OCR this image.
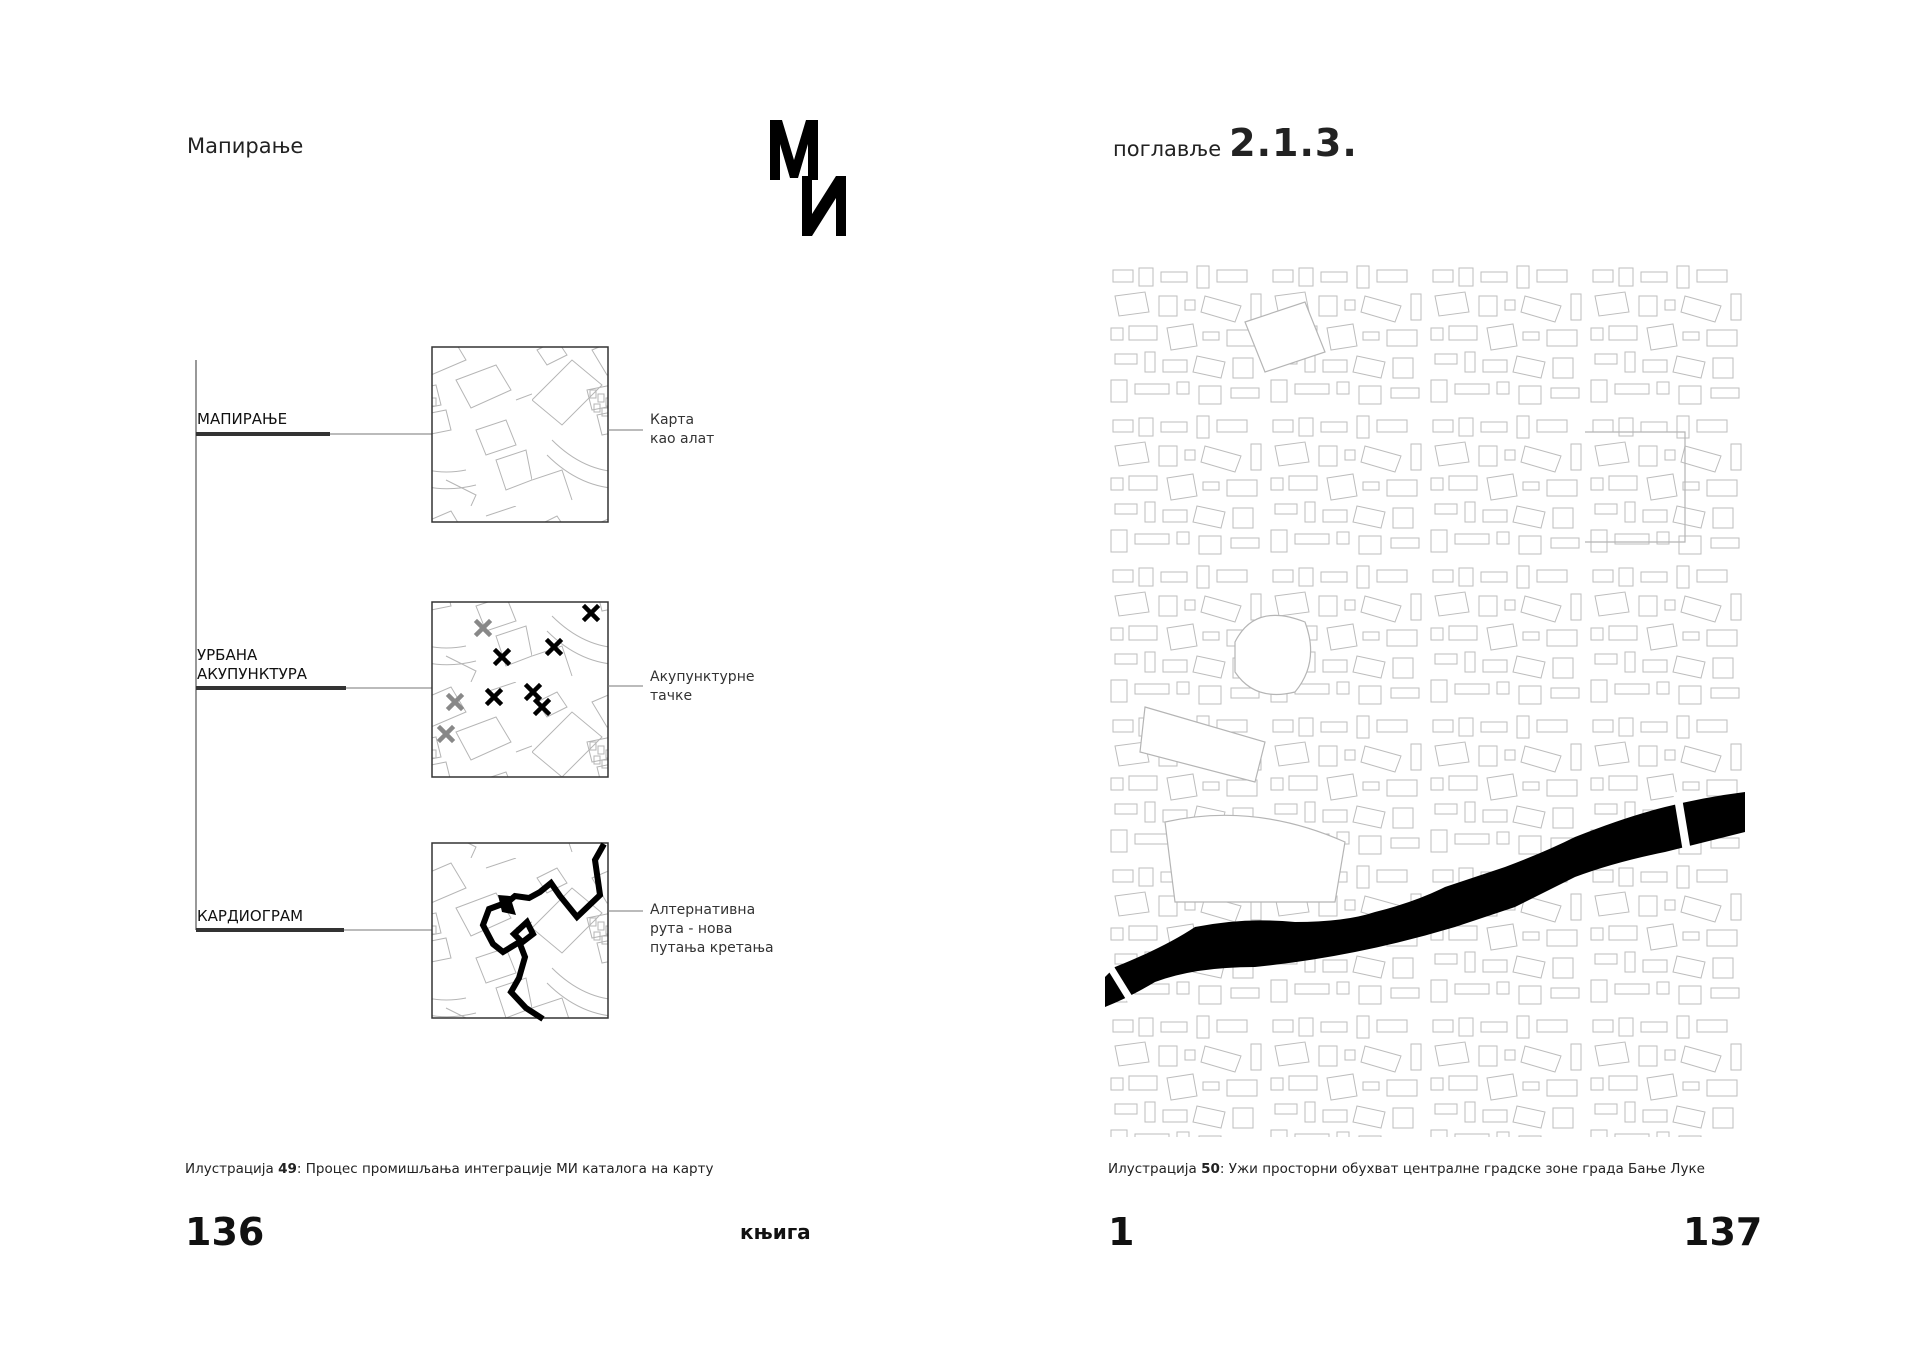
Мапирање	поглавље 2.1.3.
МАПИРАЊЕ	Карта
као алат
УРБАНА
АКУПУНКТУРА	Акупунктурне
тачке
КАРДИОГРАМ	Алтернативна
рута - нова
путања кретања
Илустрација 49: Процес промишљања интеграције МИ каталога на карту	Илустрација 50: Ужи просторни обухват централне градске зоне града Бање Луке
136	књига	1	137
